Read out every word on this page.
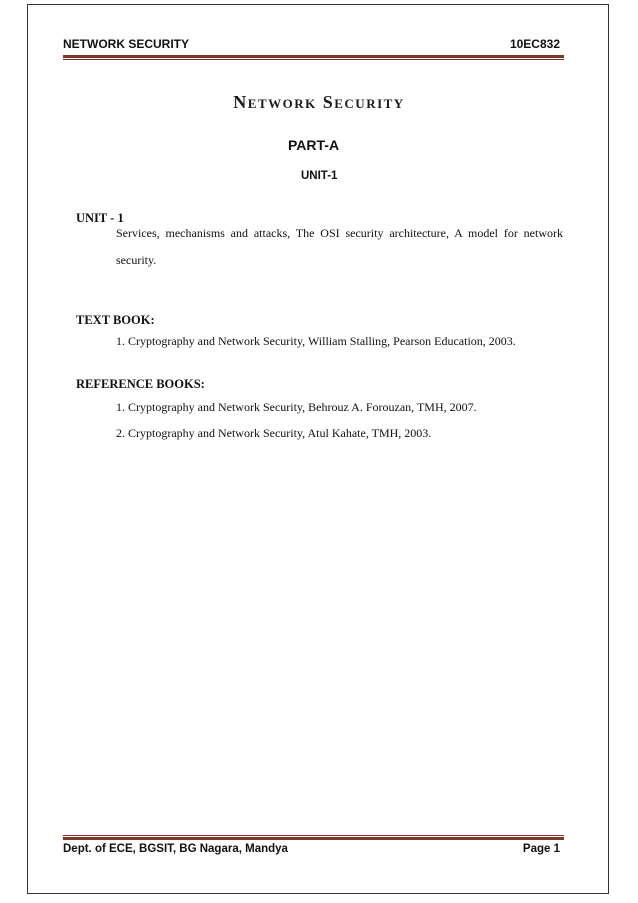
NETWORK SECURITY	10EC832
Network Security
PART-A
UNIT-1
UNIT - 1
Services, mechanisms and attacks, The OSI security architecture, A model for network security.
TEXT BOOK:
1. Cryptography and Network Security, William Stalling, Pearson Education, 2003.
REFERENCE BOOKS:
1. Cryptography and Network Security, Behrouz A. Forouzan, TMH, 2007.
2. Cryptography and Network Security, Atul Kahate, TMH, 2003.
Dept. of ECE, BGSIT, BG Nagara, Mandya	Page 1
